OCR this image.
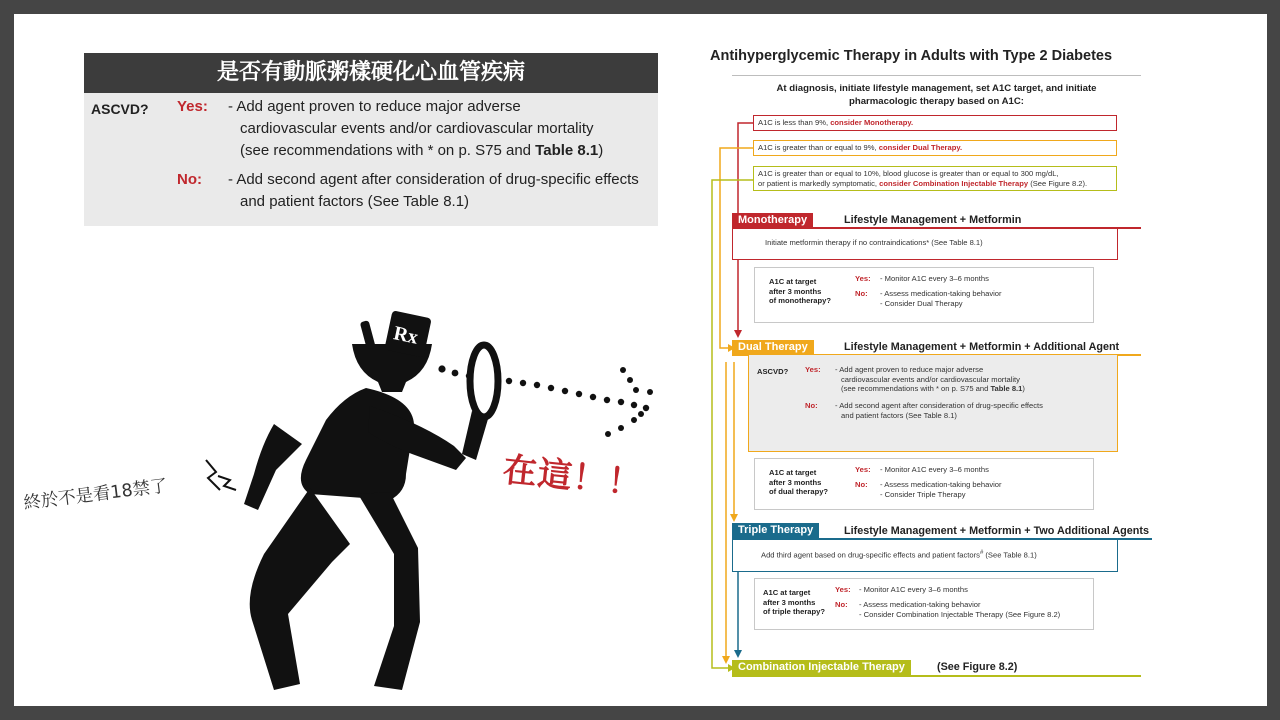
是否有動脈粥樣硬化心血管疾病
ASCVD? Yes: - Add agent proven to reduce major adverse
cardiovascular events and/or cardiovascular mortality
(see recommendations with * on p. S75 and Table 8.1)
No: - Add second agent after consideration of drug-specific effects
and patient factors (See Table 8.1)
Rx
在這！！
終於不是看18禁了
Antihyperglycemic Therapy in Adults with Type 2 Diabetes
At diagnosis, initiate lifestyle management, set A1C target, and initiate
pharmacologic therapy based on A1C:
A1C is less than 9%, consider Monotherapy.
A1C is greater than or equal to 9%, consider Dual Therapy.
A1C is greater than or equal to 10%, blood glucose is greater than or equal to 300 mg/dL,
or patient is markedly symptomatic, consider Combination Injectable Therapy (See Figure 8.2).
Monotherapy	Lifestyle Management + Metformin
Initiate metformin therapy if no contraindications* (See Table 8.1)
A1C at target
after 3 months
of monotherapy?
Yes: - Monitor A1C every 3–6 months
No: - Assess medication-taking behavior
- Consider Dual Therapy
Dual Therapy	Lifestyle Management + Metformin + Additional Agent
ASCVD? Yes: - Add agent proven to reduce major adverse
cardiovascular events and/or cardiovascular mortality
(see recommendations with * on p. S75 and Table 8.1)
No: - Add second agent after consideration of drug-specific effects
and patient factors (See Table 8.1)
A1C at target
after 3 months
of dual therapy?
Yes: - Monitor A1C every 3–6 months
No: - Assess medication-taking behavior
- Consider Triple Therapy
Triple Therapy	Lifestyle Management + Metformin + Two Additional Agents
Add third agent based on drug-specific effects and patient factors# (See Table 8.1)
A1C at target
after 3 months
of triple therapy?
Yes: - Monitor A1C every 3–6 months
No: - Assess medication-taking behavior
- Consider Combination Injectable Therapy (See Figure 8.2)
Combination Injectable Therapy	(See Figure 8.2)
